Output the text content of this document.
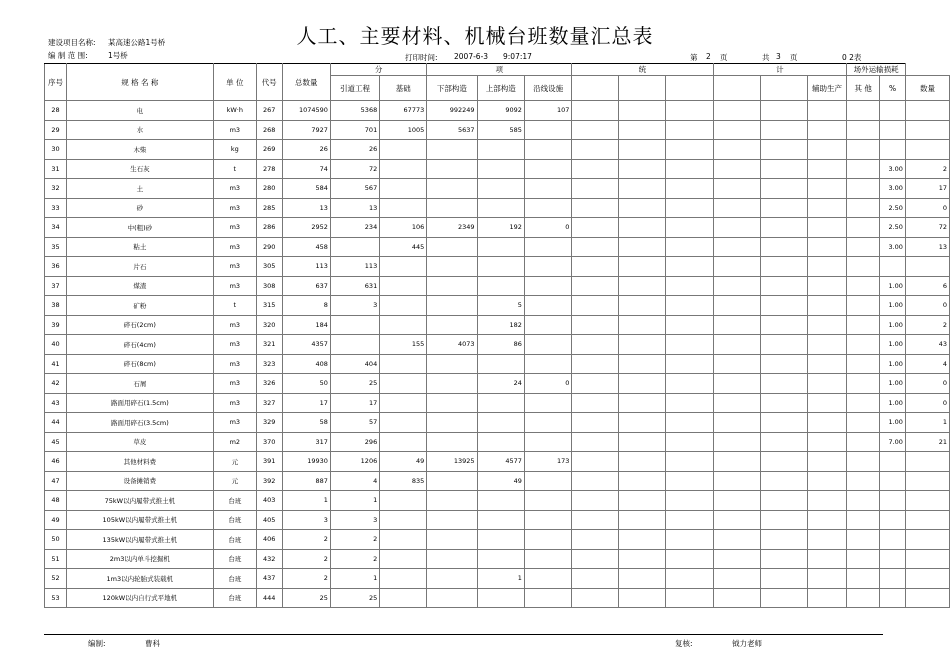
人工、主要材料、机械台班数量汇总表
建设项目名称: 某高速公路1号桥
编 制 范 围:	1号桥	打印时间: 2007-6-3 9:07:17	第 2 页	共 3 页	0 2表
序号	规 格 名 称	单 位	代号	总数量	分		项			统			计			场外运输损耗		
					引道工程	基础	下部构造	上部构造	沿线设施						辅助生产	其 他	%	数量
28	电	kW·h	267	1074590	5368	67773	992249	9092	107									
29	水	m3	268	7927	701	1005	5637	585										
30	木柴	kg	269	26	26													
31	生石灰	t	278	74	72												3.00	2
32	土	m3	280	584	567												3.00	17
33	砂	m3	285	13	13												2.50	0
34	中(粗)砂	m3	286	2952	234	106	2349	192	0								2.50	72
35	粘土	m3	290	458		445											3.00	13
36	片石	m3	305	113	113													
37	煤渣	m3	308	637	631												1.00	6
38	矿粉	t	315	8	3			5									1.00	0
39	碎石(2cm)	m3	320	184				182									1.00	2
40	碎石(4cm)	m3	321	4357		155	4073	86									1.00	43
41	碎石(8cm)	m3	323	408	404												1.00	4
42	石屑	m3	326	50	25			24	0								1.00	0
43	路面用碎石(1.5cm)	m3	327	17	17												1.00	0
44	路面用碎石(3.5cm)	m3	329	58	57												1.00	1
45	草皮	m2	370	317	296												7.00	21
46	其他材料费	元	391	19930	1206	49	13925	4577	173									
47	设备摊销费	元	392	887	4	835		49										
48	75kW以内履带式推土机	台班	403	1	1													
49	105kW以内履带式推土机	台班	405	3	3													
50	135kW以内履带式推土机	台班	406	2	2													
51	2m3以内单斗挖掘机	台班	432	2	2													
52	1m3以内轮胎式装载机	台班	437	2	1			1										
53	120kW以内自行式平地机	台班	444	25	25													
编制:	曹科	复核:	钺力老师
